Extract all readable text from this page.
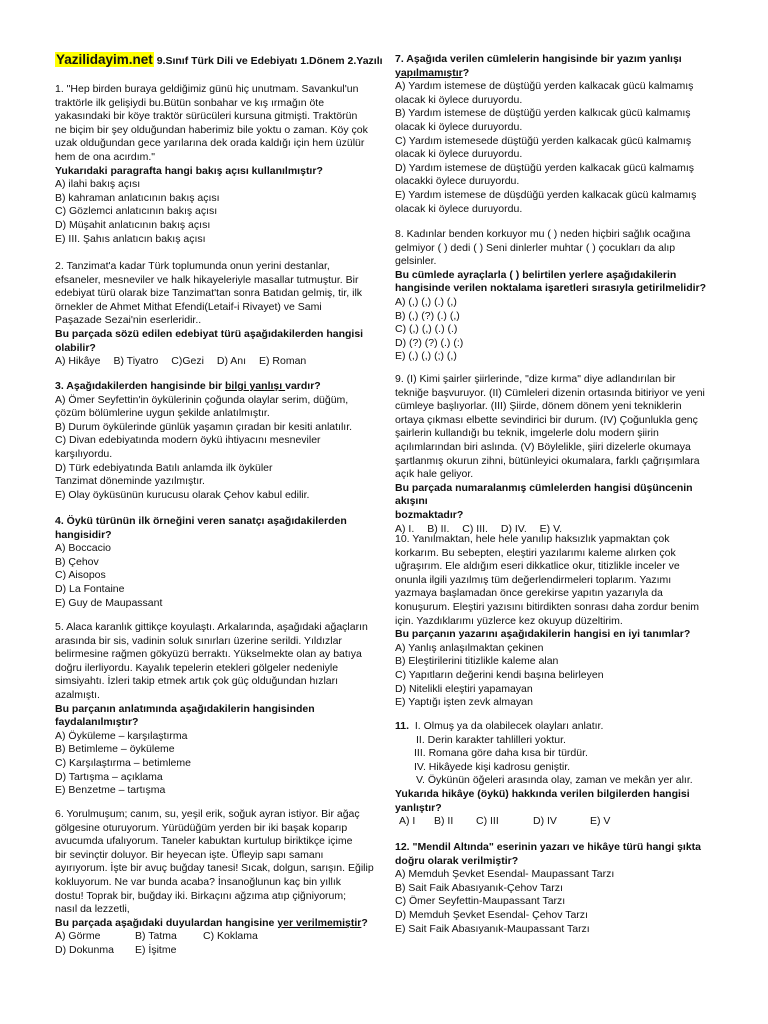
Yazilidayim.net 9.Sınıf Türk Dili ve Edebiyatı 1.Dönem 2.Yazılı

1. "Hep birden buraya geldiğimiz günü hiç unutmam. Savankul'un

traktörle ilk gelişiydi bu.Bütün sonbahar ve kış ırmağın öte

yakasındaki bir köye traktör sürücüleri kursuna gitmişti. Traktörün

ne biçim bir şey olduğundan haberimiz bile yoktu o zaman. Köy çok

uzak olduğundan gece yarılarına dek orada kaldığı için hem üzülür

hem de ona acırdım."

Yukarıdaki paragrafta hangi bakış açısı kullanılmıştır?

A) ilahi bakış açısı

B) kahraman anlatıcının bakış açısı

C) Gözlemci anlatıcının bakış açısı

D) Müşahit anlatıcının bakış açısı

E) III. Şahıs anlatıcın bakış açısı

2. Tanzimat'a kadar Türk toplumunda onun yerini destanlar,

efsaneler, mesneviler ve halk hikayeleriyle masallar tutmuştur. Bir

edebiyat türü olarak bize Tanzimat'tan sonra Batıdan gelmiş, tir, ilk

örnekler de Ahmet Mithat Efendi(Letaif-i Rivayet) ve Sami

Paşazade Sezai'nin eserleridir..

Bu parçada sözü edilen edebiyat türü aşağıdakilerden hangisi

olabilir?

A) Hikâye B) Tiyatro C)Gezi D) Anı E) Roman

3. Aşağıdakilerden hangisinde bir bilgi yanlışı vardır?

A) Ömer Seyfettin'in öykülerinin çoğunda olaylar serim, düğüm,

çözüm bölümlerine uygun şekilde anlatılmıştır.

B) Durum öykülerinde günlük yaşamın çıradan bir kesiti anlatılır.

C) Divan edebiyatında modern öykü ihtiyacını mesneviler

karşılıyordu.

D) Türk edebiyatında Batılı anlamda ilk öyküler

Tanzimat döneminde yazılmıştır.

E) Olay öyküsünün kurucusu olarak Çehov kabul edilir.

4. Öykü türünün ilk örneğini veren sanatçı aşağıdakilerden

hangisidir?

A) Boccacio

B) Çehov

C) Aisopos

D) La Fontaine

E) Guy de Maupassant

5. Alaca karanlık gittikçe koyulaştı. Arkalarında, aşağıdaki ağaçların

arasında bir sis, vadinin soluk sınırları üzerine serildi. Yıldızlar

belirmesine rağmen gökyüzü berraktı. Yükselmekte olan ay batıya

doğru ilerliyordu. Kayalık tepelerin etekleri gölgeler nedeniyle

simsiyahtı. İzleri takip etmek artık çok güç olduğundan hızları

azalmıştı.

Bu parçanın anlatımında aşağıdakilerin hangisinden

faydalanılmıştır?

A) Öyküleme – karşılaştırma

B) Betimleme – öyküleme

C) Karşılaştırma – betimleme

D) Tartışma – açıklama

E) Benzetme – tartışma

6. Yorulmuşum; canım, su, yeşil erik, soğuk ayran istiyor. Bir ağaç

gölgesine oturuyorum. Yürüdüğüm yerden bir iki başak koparıp

avucumda ufalıyorum. Taneler kabuktan kurtulup biriktikçe içime

bir sevinçtir doluyor. Bir heyecan işte. Üfleyip sapı samanı

ayırıyorum. İşte bir avuç buğday tanesi! Sıcak, dolgun, sarışın. Eğilip

kokluyorum. Ne var bunda acaba? İnsanoğlunun kaç bin yıllık

dostu! Toprak bir, buğday iki. Birkaçını ağzıma atıp çiğniyorum;

nasıl da lezzetli,

Bu parçada aşağıdaki duyulardan hangisine yer verilmemiştir?

A) Görme	B) Tatma C) Koklama

D) Dokunma E) İşitme

7. Aşağıda verilen cümlelerin hangisinde bir yazım yanlışı

yapılmamıştır?

A) Yardım istemese de düştüğü yerden kalkacak gücü kalmamış

olacak ki öylece duruyordu.

B) Yardım istemese de düştüğü yerden kalkıcak gücü kalmamış

olacak ki öylece duruyordu.

C) Yardım istemesede düştüğü yerden kalkacak gücü kalmamış

olacak ki öylece duruyordu.

D) Yardım istemese de düştüğü yerden kalkacak gücü kalmamış

olacakki öylece duruyordu.

E) Yardım istemese de düşdüğü yerden kalkacak gücü kalmamış

olacak ki öylece duruyordu.

8. Kadınlar benden korkuyor mu ( ) neden hiçbiri sağlık ocağına

gelmiyor ( ) dedi ( ) Seni dinlerler muhtar ( ) çocukları da alıp

gelsinler.

Bu cümlede ayraçlarla ( ) belirtilen yerlere aşağıdakilerin

hangisinde verilen noktalama işaretleri sırasıyla getirilmelidir?

A) (,) (,) (.) (,)

B) (,) (?) (.) (,)

C) (,) (,) (.) (.)

D) (?) (?) (.) (:)

E) (,) (,) (;) (,)

9. (I) Kimi şairler şiirlerinde, "dize kırma" diye adlandırılan bir

tekniğe başvuruyor. (II) Cümleleri dizenin ortasında bitiriyor ve yeni

cümleye başlıyorlar. (III) Şiirde, dönem dönem yeni tekniklerin

ortaya çıkması elbette sevindirici bir durum. (IV) Çoğunlukla genç

şairlerin kullandığı bu teknik, imgelerle dolu modern şiirin

açılımlarından biri aslında. (V) Böylelikle, şiiri dizelerle okumaya

şartlanmış okurun zihni, bütünleyici okumalara, farklı çağrışımlara

açık hale geliyor.

Bu parçada numaralanmış cümlelerden hangisi düşüncenin akışını

bozmaktadır?

A) I. B) II. C) III. D) IV. E) V.

10. Yanılmaktan, hele hele yanılıp haksızlık yapmaktan çok

korkarım. Bu sebepten, eleştiri yazılarımı kaleme alırken çok

uğraşırım. Ele aldığım eseri dikkatlice okur, titizlikle inceler ve

onunla ilgili yazılmış tüm değerlendirmeleri toplarım. Yazımı

yazmaya başlamadan önce gerekirse yapıtın yazarıyla da

konuşurum. Eleştiri yazısını bitirdikten sonrası daha zordur benim

için. Yazdıklarımı yüzlerce kez okuyup düzeltirim.

Bu parçanın yazarını aşağıdakilerin hangisi en iyi tanımlar?

A) Yanlış anlaşılmaktan çekinen

B) Eleştirilerini titizlikle kaleme alan

C) Yapıtların değerini kendi başına belirleyen

D) Nitelikli eleştiri yapamayan

E) Yaptığı işten zevk almayan

11. I. Olmuş ya da olabilecek olayları anlatır.

II. Derin karakter tahlilleri yoktur.

III. Romana göre daha kısa bir türdür.

IV. Hikâyede kişi kadrosu geniştir.

V. Öykünün öğeleri arasında olay, zaman ve mekân yer alır.

Yukarıda hikâye (öykü) hakkında verilen bilgilerden hangisi

yanlıştır?

A) I B) II C) III	D) IV	E) V

12. "Mendil Altında" eserinin yazarı ve hikâye türü hangi şıkta

doğru olarak verilmiştir?

A) Memduh Şevket Esendal- Maupassant Tarzı

B) Sait Faik Abasıyanık-Çehov Tarzı

C) Ömer Seyfettin-Maupassant Tarzı

D) Memduh Şevket Esendal- Çehov Tarzı

E) Sait Faik Abasıyanık-Maupassant Tarzı
